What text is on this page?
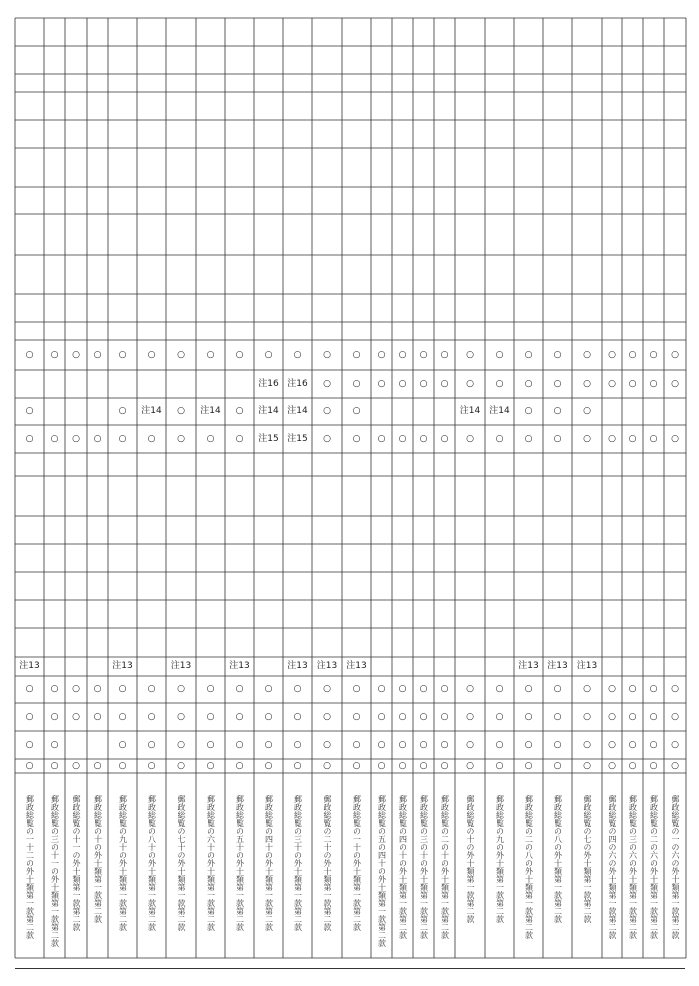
○
○
○
注13
○
○
○
○
郵政総覧の一十二の外十類第一款第二款
○
○
○
○
○
○
郵政総覧の三の十一の外十類第一款第二款
○
○
○
○
○
郵政総覧の十一の外十類第一款第二款
○
○
○
○
○
郵政総覧の十の外十類第一款第二款
○
○
○
注13
○
○
○
○
郵政総覧の九十の外十類第一款第二款
○
注14
○
○
○
○
○
郵政総覧の八十の外十類第一款第二款
○
○
○
注13
○
○
○
○
郵政総覧の七十の外十類第一款第二款
○
注14
○
○
○
○
○
郵政総覧の六十の外十類第一款第二款
○
○
○
注13
○
○
○
○
郵政総覧の五十の外十類第一款第二款
○
注16
注14
注15
○
○
○
○
郵政総覧の四十の外十類第一款第二款
○
注16
注14
注15
注13
○
○
○
○
郵政総覧の三十の外十類第一款第二款
○
○
○
○
注13
○
○
○
○
郵政総覧の二十の外十類第一款第二款
○
○
○
○
注13
○
○
○
○
郵政総覧の一十の外十類第一款第二款
○
○
○
○
○
○
○
郵政総覧の五の四十の外十類第一款第二款
○
○
○
○
○
○
○
郵政総覧の四の十の外十類第一款第二款
○
○
○
○
○
○
○
郵政総覧の三の十の外十類第一款第二款
○
○
○
○
○
○
○
郵政総覧の二の十の外十類第一款第二款
○
○
注14
○
○
○
○
○
郵政総覧の十の外十類第一款第二款
○
○
注14
○
○
○
○
○
郵政総覧の九の外十類第一款第二款
○
○
○
○
注13
○
○
○
○
郵政総覧の二の八の外十類第一款第二款
○
○
○
○
注13
○
○
○
○
郵政総覧の八の外十類第一款第二款
○
○
○
○
注13
○
○
○
○
郵政総覧の七の外十類第一款第二款
○
○
○
○
○
○
○
郵政総覧の四の六の外十類第一款第二款
○
○
○
○
○
○
○
郵政総覧の三の六の外十類第一款第二款
○
○
○
○
○
○
○
郵政総覧の二の六の外十類第一款第二款
○
○
○
○
○
○
○
郵政総覧の一の六の外十類第一款第二款
